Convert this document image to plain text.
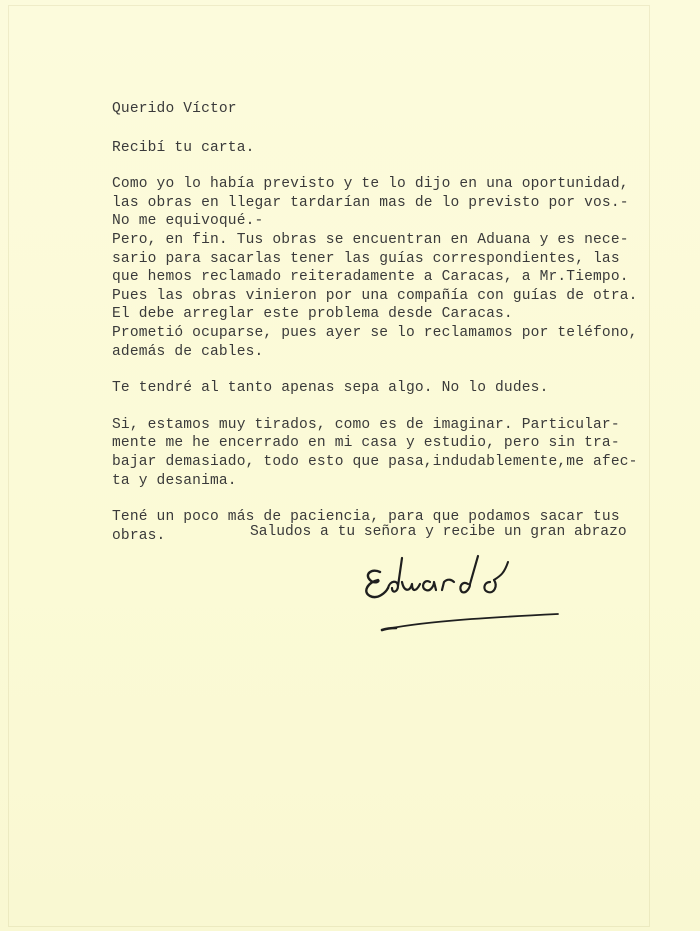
Querido Víctor
Recibí tu carta.
Como yo lo había previsto y te lo dijo en una oportunidad,
las obras en llegar tardarían mas de lo previsto por vos.-
No me equivoqué.-
Pero, en fin. Tus obras se encuentran en Aduana y es nece-
sario para sacarlas tener las guías correspondientes, las
que hemos reclamado reiteradamente a Caracas, a Mr.Tiempo.
Pues las obras vinieron por una compañía con guías de otra.
El debe arreglar este problema desde Caracas.
Prometió ocuparse, pues ayer se lo reclamamos por teléfono,
además de cables.
Te tendré al tanto apenas sepa algo. No lo dudes.
Si, estamos muy tirados, como es de imaginar. Particular-
mente me he encerrado en mi casa y estudio, pero sin tra-
bajar demasiado, todo esto que pasa,indudablemente,me afec-
ta y desanima.
Tené un poco más de paciencia, para que podamos sacar tus
obras.	Saludos a tu señora y recibe un gran abrazo
